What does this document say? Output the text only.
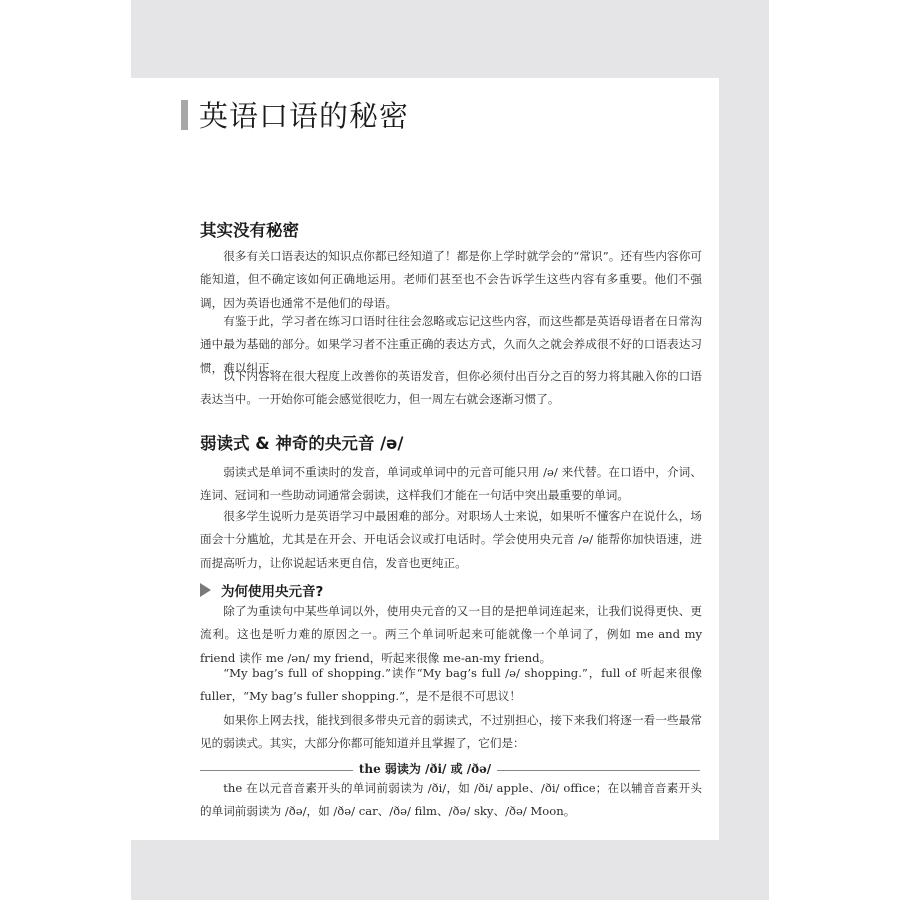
英语口语的秘密
其实没有秘密

很多有关口语表达的知识点你都已经知道了！都是你上学时就学会的“常识”。还有些内容你可能知道，但不确定该如何正确地运用。老师们甚至也不会告诉学生这些内容有多重要。他们不强调，因为英语也通常不是他们的母语。

有鉴于此，学习者在练习口语时往往会忽略或忘记这些内容，而这些都是英语母语者在日常沟通中最为基础的部分。如果学习者不注重正确的表达方式，久而久之就会养成很不好的口语表达习惯，难以纠正。

以下内容将在很大程度上改善你的英语发音，但你必须付出百分之百的努力将其融入你的口语表达当中。一开始你可能会感觉很吃力，但一周左右就会逐渐习惯了。

弱读式 & 神奇的央元音 /ə/

弱读式是单词不重读时的发音，单词或单词中的元音可能只用 /ə/ 来代替。在口语中，介词、连词、冠词和一些助动词通常会弱读，这样我们才能在一句话中突出最重要的单词。

很多学生说听力是英语学习中最困难的部分。对职场人士来说，如果听不懂客户在说什么，场面会十分尴尬，尤其是在开会、开电话会议或打电话时。学会使用央元音 /ə/ 能帮你加快语速，进而提高听力，让你说起话来更自信，发音也更纯正。

为何使用央元音?

除了为重读句中某些单词以外，使用央元音的又一目的是把单词连起来，让我们说得更快、更流利。这也是听力难的原因之一。两三个单词听起来可能就像一个单词了，例如 me and my friend 读作 me /ən/ my friend，听起来很像 me-an-my friend。

“My bag’s full of shopping.”读作“My bag’s full /ə/ shopping.”，full of 听起来很像 fuller，“My bag’s fuller shopping.”，是不是很不可思议！

如果你上网去找，能找到很多带央元音的弱读式，不过别担心，接下来我们将逐一看一些最常见的弱读式。其实，大部分你都可能知道并且掌握了，它们是：

the 弱读为 /ði/ 或 /ðə/

the 在以元音音素开头的单词前弱读为 /ði/，如 /ði/ apple、/ði/ office；在以辅音音素开头的单词前弱读为 /ðə/，如 /ðə/ car、/ðə/ film、/ðə/ sky、/ðə/ Moon。
